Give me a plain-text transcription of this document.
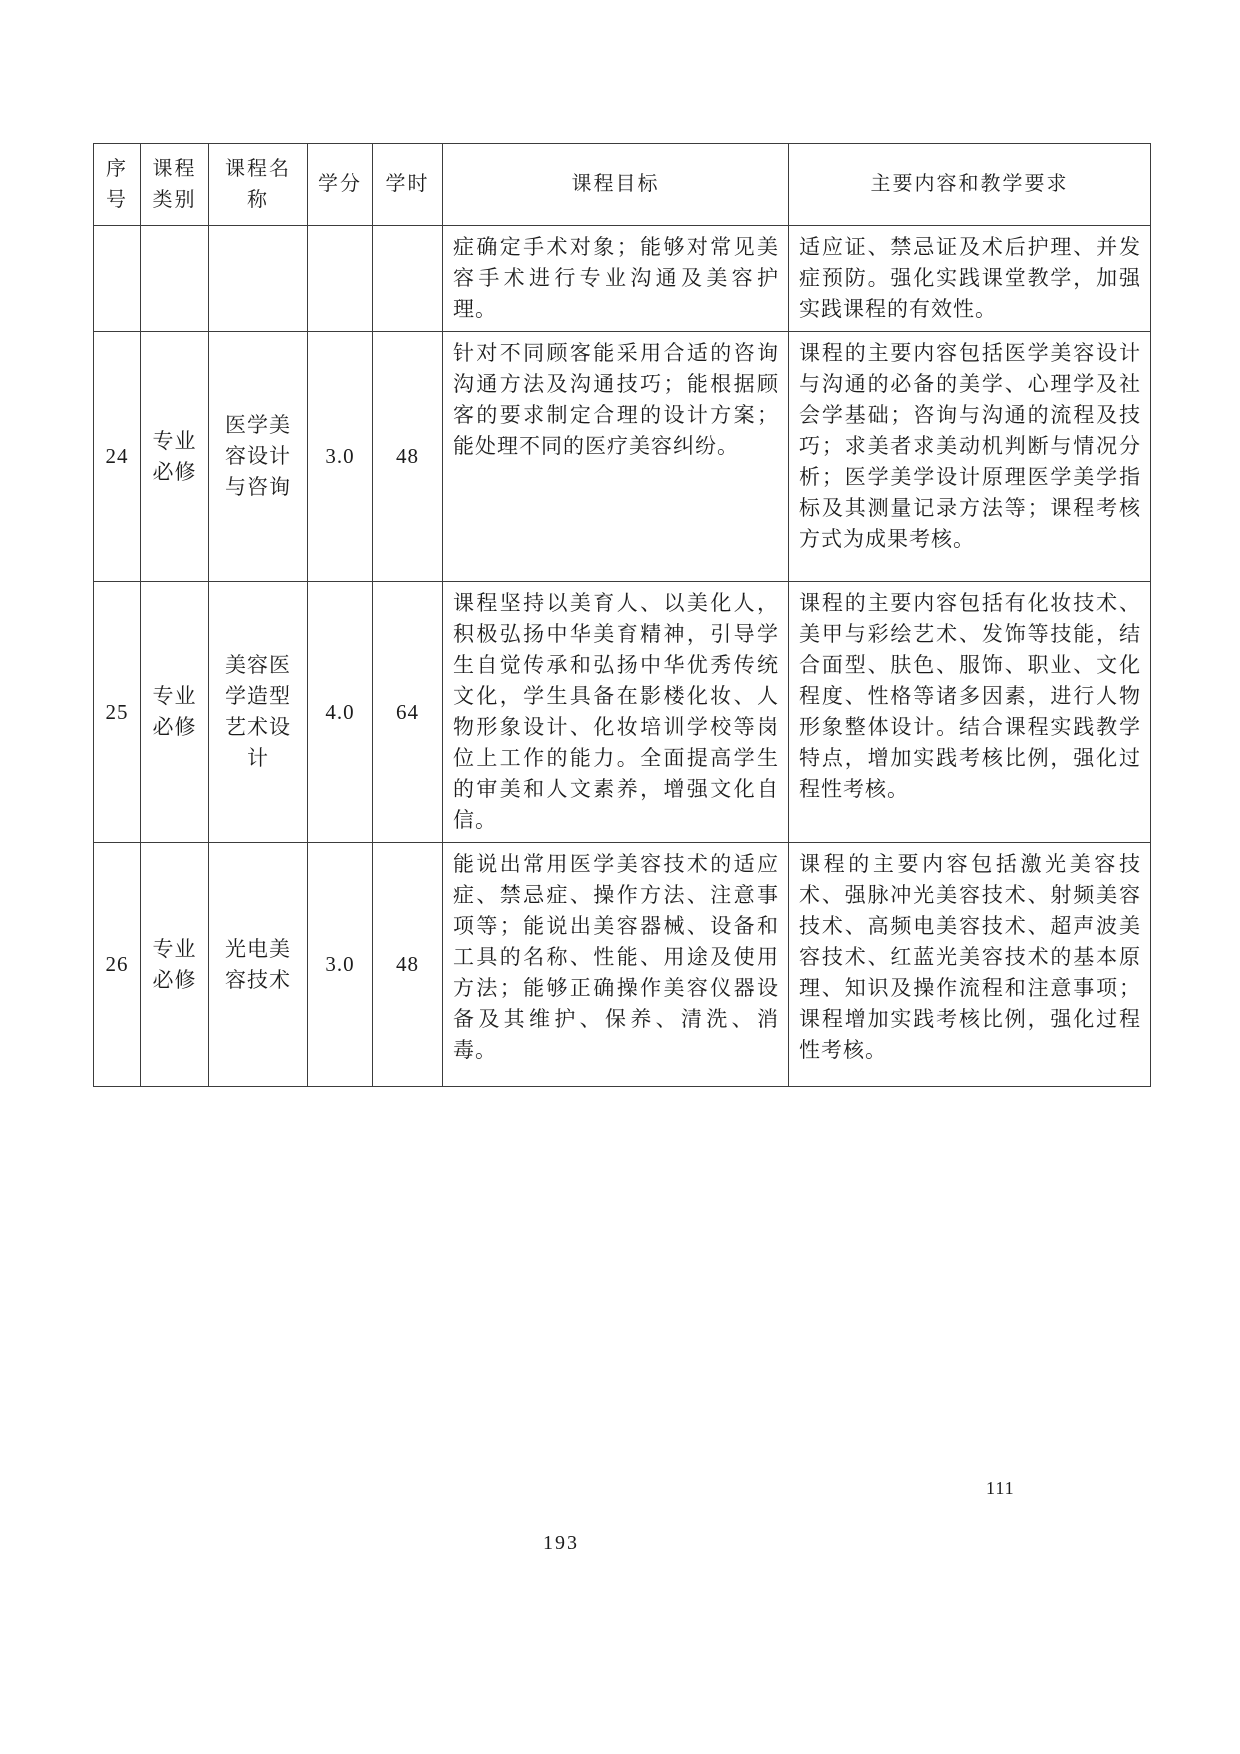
序号	课程类别	课程名称	学分	学时	课程目标	主要内容和教学要求
					症确定手术对象；能够对常见美容手术进行专业沟通及美容护理。	适应证、禁忌证及术后护理、并发症预防。强化实践课堂教学，加强实践课程的有效性。
24	专业必修	医学美容设计与咨询	3.0	48	针对不同顾客能采用合适的咨询沟通方法及沟通技巧；能根据顾客的要求制定合理的设计方案；能处理不同的医疗美容纠纷。	课程的主要内容包括医学美容设计与沟通的必备的美学、心理学及社会学基础；咨询与沟通的流程及技巧；求美者求美动机判断与情况分析；医学美学设计原理医学美学指标及其测量记录方法等；课程考核方式为成果考核。
25	专业必修	美容医学造型艺术设计	4.0	64	课程坚持以美育人、以美化人，积极弘扬中华美育精神，引导学生自觉传承和弘扬中华优秀传统文化，学生具备在影楼化妆、人物形象设计、化妆培训学校等岗位上工作的能力。全面提高学生的审美和人文素养，增强文化自信。	课程的主要内容包括有化妆技术、美甲与彩绘艺术、发饰等技能，结合面型、肤色、服饰、职业、文化程度、性格等诸多因素，进行人物形象整体设计。结合课程实践教学特点，增加实践考核比例，强化过程性考核。
26	专业必修	光电美容技术	3.0	48	能说出常用医学美容技术的适应症、禁忌症、操作方法、注意事项等；能说出美容器械、设备和工具的名称、性能、用途及使用方法；能够正确操作美容仪器设备及其维护、保养、清洗、消毒。	课程的主要内容包括激光美容技术、强脉冲光美容技术、射频美容技术、高频电美容技术、超声波美容技术、红蓝光美容技术的基本原理、知识及操作流程和注意事项；课程增加实践考核比例，强化过程性考核。
111
193
